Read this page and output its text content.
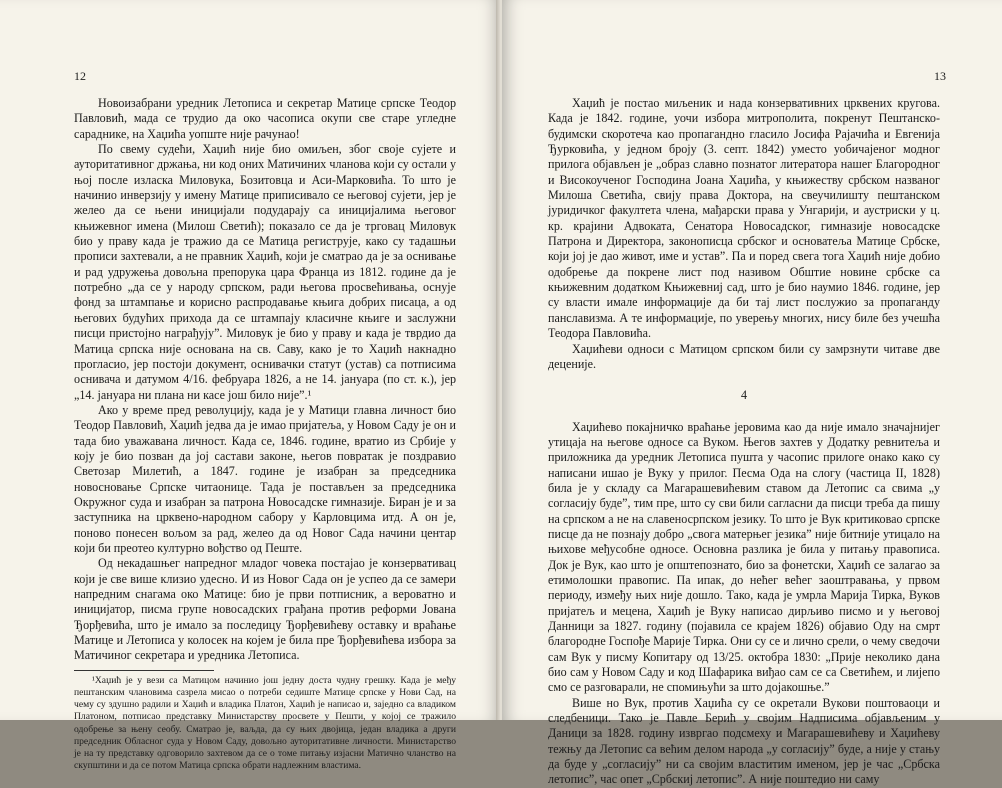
12

Новоизабрани уредник Летописа и секретар Матице српске Теодор Павловић, мада се трудио да око часописа окупи све старе угледне сараднике, на Хаџића уопште није рачунао!

По свему судећи, Хаџић није био омиљен, због своје сујете и ауторитативног држања, ни код оних Матичиних чланова који су остали у њој после изласка Миловука, Бозитовца и Аси-Марковића. То што је начинио инверзију у имену Матице приписивало се његовој сујети, јер је желео да се њени иницијали подударају са иницијалима његовог књижевног имена (Милош Светић); показало се да је трговац Миловук био у праву када је тражио да се Матица региструје, како су тадашњи прописи захтевали, а не правник Хаџић, који је сматрао да је за оснивање и рад удружења довољна препорука цара Франца из 1812. године да је потребно „да се у народу српском, ради његова просвећивања, оснује фонд за штампање и корисно распродавање књига добрих писаца, а од његових будућих прихода да се штампају класичне књиге и заслужни писци пристојно награђују”. Миловук је био у праву и када је тврдио да Матица српска није основана на св. Саву, како је то Хаџић накнадно прогласио, јер постоји документ, оснивачки статут (устав) са потписима оснивача и датумом 4/16. фебруара 1826, а не 14. јануара (по ст. к.), јер „14. јануара ни плана ни касе још било није”.¹

Ако у време пред револуцију, када је у Матици главна личност био Теодор Павловић, Хаџић једва да је имао пријатеља, у Новом Саду је он и тада био уважавана личност. Када се, 1846. године, вратио из Србије у коју је био позван да јој састави законе, његов повратак је поздравио Светозар Милетић, а 1847. године је изабран за председника новосновање Српске читаонице. Тада је постављен за председника Окружног суда и изабран за патрона Новосадске гимназије. Биран је и за заступника на црквено-народном сабору у Карловцима итд. А он је, поново понесен вољом за рад, желео да од Новог Сада начини центар који би преотео културно вођство од Пеште.

Од некадашњег напредног младог човека постајао је конзервативац који је све више клизио удесно. И из Новог Сада он је успео да се замери напредним снагама око Матице: био је први потписник, а вероватно и иницијатор, писма групе новосадских грађана против реформи Јована Ђорђевића, што је имало за последицу Ђорђевићеву оставку и враћање Матице и Летописа у колосек на којем је била пре Ђорђевићева избора за Матичиног секретара и уредника Летописа.

¹Хаџић је у вези са Матицом начинио још једну доста чудну грешку. Када је међу пештанским члановима сазрела мисао о потреби седиште Матице српске у Нови Сад, на чему су здушно радили и Хаџић и владика Платон, Хаџић је написао и, заједно са владиком Платоном, потписао представку Министарству просвете у Пешти, у којој се тражило одобрење за њену сеобу. Сматрао је, ваљда, да су њих двојица, један владика а други председник Обласног суда у Новом Саду, довољно ауторитативне личности. Министарство је на ту представку одговорило захтевом да се о томе питању изјасни Матично чланство на скупштини и да се потом Матица српска обрати надлежним властима.

13

Хаџић је постао миљеник и нада конзервативних црквених кругова. Када је 1842. године, уочи избора митрополита, покренут Пештанско-будимски скоротеча као пропагандно гласило Јосифа Рајачића и Евгенија Ђурковића, у једном броју (3. септ. 1842) уместо уобичајеног модног прилога објављен је „образ славно познатог литератора нашег Благородног и Високоученог Господина Јоана Хаџића, у књижеству србском названог Милоша Светића, свију права Доктора, на свеучилишту пештанском јуридичког факултета члена, мађарски права у Унгарији, и аустриски у ц. кр. крајини Адвоката, Сенатора Новосадског, гимназије новосадске Патрона и Директора, законописца србског и основатеља Матице Србске, који јој је дао живот, име и устав”. Па и поред свега тога Хаџић није добио одобрење да покрене лист под називом Обштие новине србске са књижевним додатком Књижевниј сад, што је био наумио 1846. године, јер су власти имале информације да би тај лист послужио за пропаганду панславизма. А те информације, по уверењу многих, нису биле без учешћа Теодора Павловића.

Хаџићеви односи с Матицом српском били су замрзнути читаве две деценије.

4

Хаџићево покајничко враћање јеровима као да није имало значајнијег утицаја на његове односе са Вуком. Његов захтев у Додатку ревнитеља и приложника да уредник Летописа пушта у часопис прилоге онако како су написани ишао је Вуку у прилог. Песма Ода на слогу (частица II, 1828) била је у складу са Магарашевићевим ставом да Летопис са свима „у согласију буде”, тим пре, што су сви били сагласни да писци треба да пишу на српском а не на славеносрпском језику. То што је Вук критиковао српске писце да не познају добро „свога матерњег језика” није битније утицало на њихове међусобне односе. Основна разлика је била у питању правописа. Док је Вук, као што је општепознато, био за фонетски, Хаџић се залагао за етимолошки правопис. Па ипак, до нећег већег заоштравања, у првом периоду, између њих није дошло. Тако, када је умрла Марија Тирка, Вуков пријатељ и мецена, Хаџић је Вуку написао дирљиво писмо и у његовој Данници за 1827. годину (појавила се крајем 1826) објавио Оду на смрт благородне Госпође Марије Тирка. Они су се и лично срели, о чему сведочи сам Вук у писму Копитару од 13/25. октобра 1830: „Прије неколико дана био сам у Новом Саду и код Шафарика виђао сам се са Светићем, и лијепо смо се разговарали, не спомињући за што дојакошње.”

Више но Вук, против Хаџића су се окретали Вукови поштоваоци и следбеници. Тако је Павле Берић у својим Надписима објављеним у Даници за 1828. годину извргао подсмеху и Магарашевићеву и Хаџићеву тежњу да Летопис са већим делом народа „у согласију” буде, а није у стању да буде у „согласију” ни са својим властитим именом, јер је час „Србска летопис”, час опет „Србскиј летопис”. А није поштедио ни саму
